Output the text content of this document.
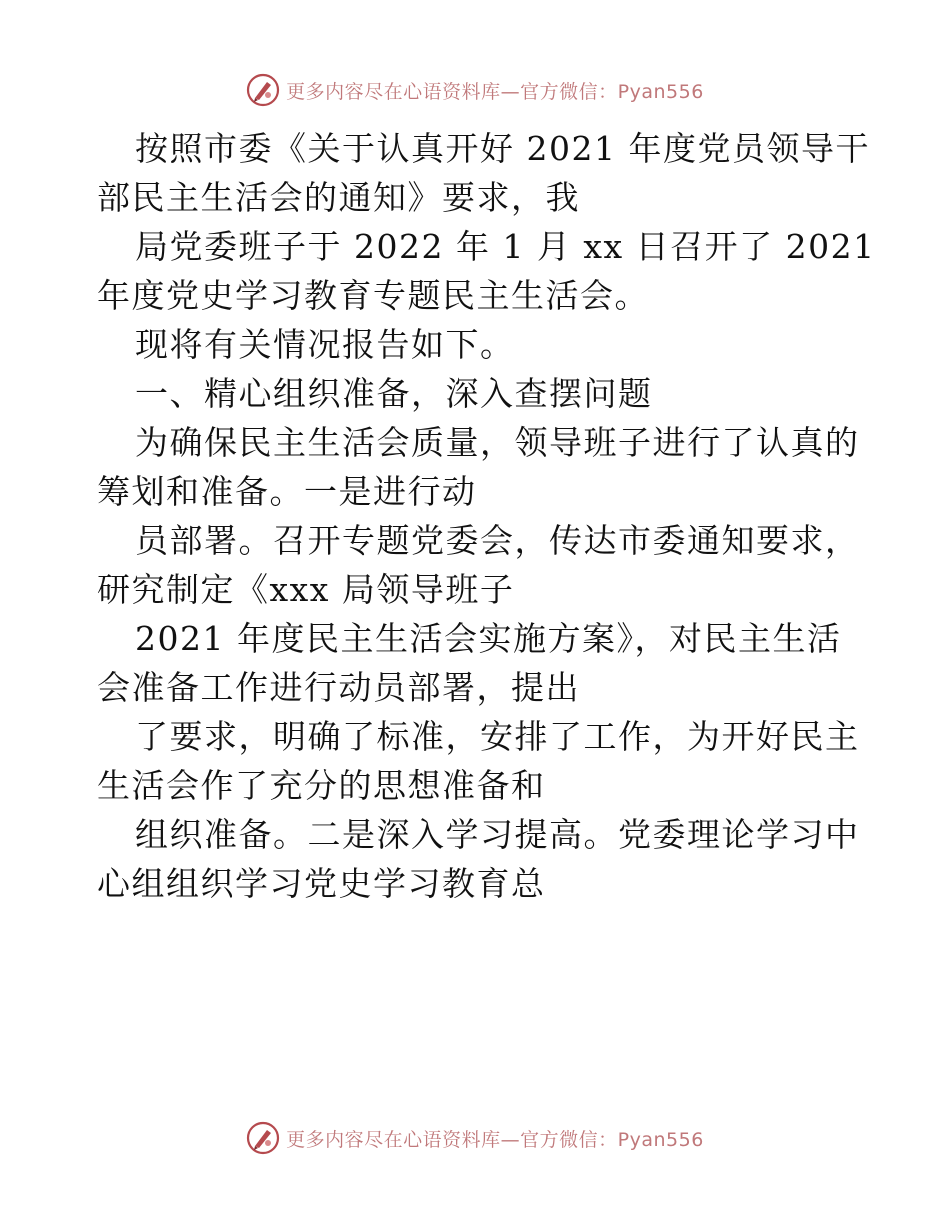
更多内容尽在心语资料库—官方微信：Pyan556
按照市委《关于认真开好 2021 年度党员领导干
部民主生活会的通知》要求，我
局党委班子于 2022 年 1 月 xx 日召开了 2021
年度党史学习教育专题民主生活会。
现将有关情况报告如下。
一、精心组织准备，深入查摆问题
为确保民主生活会质量，领导班子进行了认真的
筹划和准备。一是进行动
员部署。召开专题党委会，传达市委通知要求，
研究制定《xxx 局领导班子
2021 年度民主生活会实施方案》，对民主生活
会准备工作进行动员部署，提出
了要求，明确了标准，安排了工作，为开好民主
生活会作了充分的思想准备和
组织准备。二是深入学习提高。党委理论学习中
心组组织学习党史学习教育总
更多内容尽在心语资料库—官方微信：Pyan556
